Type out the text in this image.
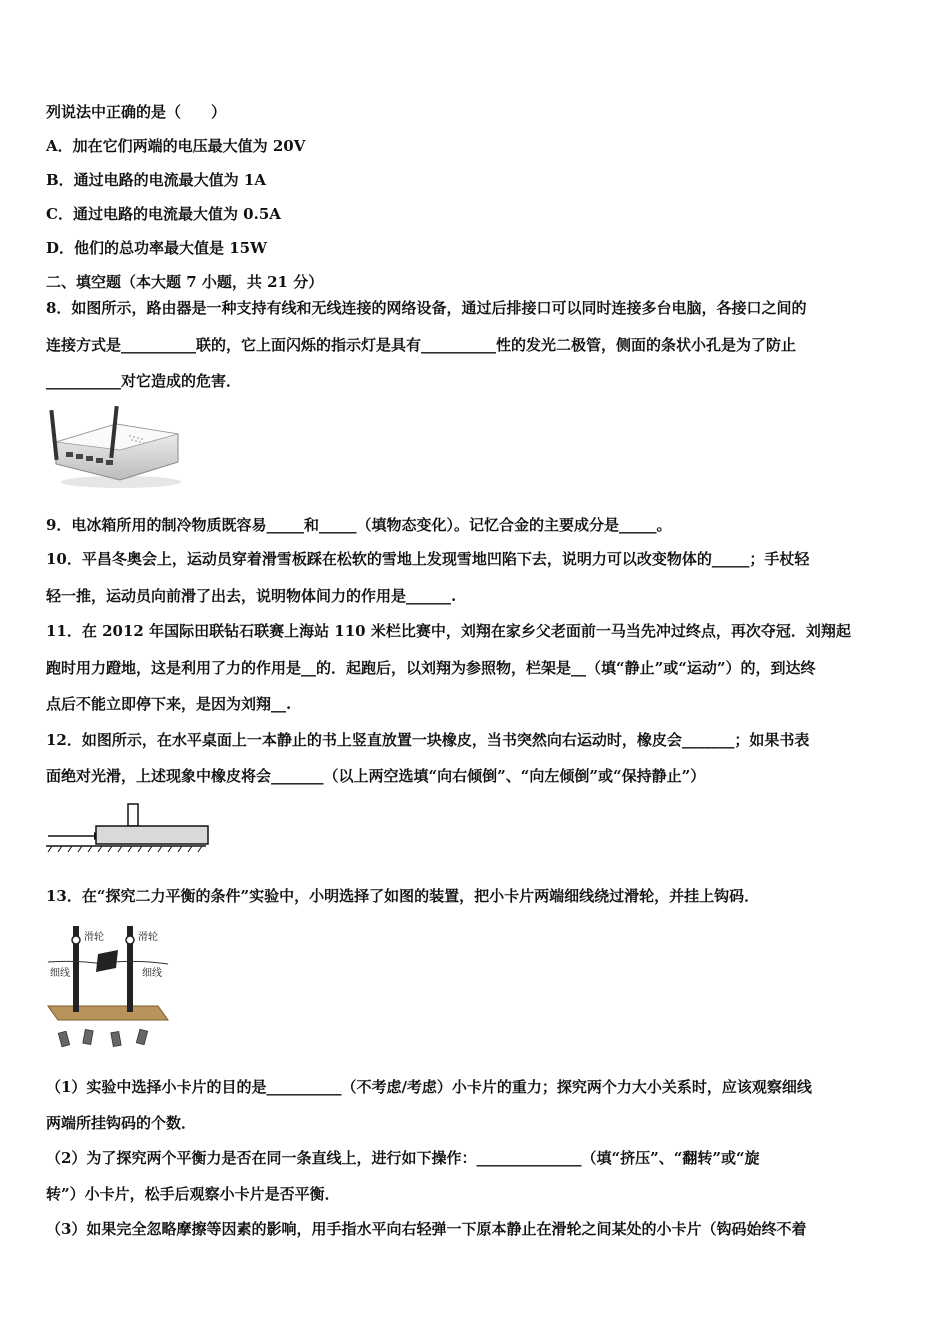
列说法中正确的是（　　）
A．加在它们两端的电压最大值为 20V
B．通过电路的电流最大值为 1A
C．通过电路的电流最大值为 0.5A
D．他们的总功率最大值是 15W
二、填空题（本大题 7 小题，共 21 分）
8．如图所示，路由器是一种支持有线和无线连接的网络设备，通过后排接口可以同时连接多台电脑，各接口之间的
连接方式是__________联的，它上面闪烁的指示灯是具有__________性的发光二极管，侧面的条状小孔是为了防止
__________对它造成的危害．
9．电冰箱所用的制冷物质既容易_____和_____（填物态变化）。记忆合金的主要成分是_____。
10．平昌冬奥会上，运动员穿着滑雪板踩在松软的雪地上发现雪地凹陷下去，说明力可以改变物体的_____；手杖轻
轻一推，运动员向前滑了出去，说明物体间力的作用是______.
11．在 2012 年国际田联钻石联赛上海站 110 米栏比赛中，刘翔在家乡父老面前一马当先冲过终点，再次夺冠．刘翔起
跑时用力蹬地，这是利用了力的作用是__的．起跑后，以刘翔为参照物，栏架是__（填“静止”或“运动”）的，到达终
点后不能立即停下来，是因为刘翔__.
12．如图所示，在水平桌面上一本静止的书上竖直放置一块橡皮，当书突然向右运动时，橡皮会_______；如果书表
面绝对光滑，上述现象中橡皮将会_______（以上两空选填“向右倾倒”、“向左倾倒”或“保持静止”）
13．在“探究二力平衡的条件”实验中，小明选择了如图的装置，把小卡片两端细线绕过滑轮，并挂上钩码．
滑轮	滑轮
细线	细线
（1）实验中选择小卡片的目的是__________（不考虑/考虑）小卡片的重力；探究两个力大小关系时，应该观察细线
两端所挂钩码的个数．
（2）为了探究两个平衡力是否在同一条直线上，进行如下操作：______________（填“挤压”、“翻转”或“旋
转”）小卡片，松手后观察小卡片是否平衡．
（3）如果完全忽略摩擦等因素的影响，用手指水平向右轻弹一下原本静止在滑轮之间某处的小卡片（钩码始终不着
